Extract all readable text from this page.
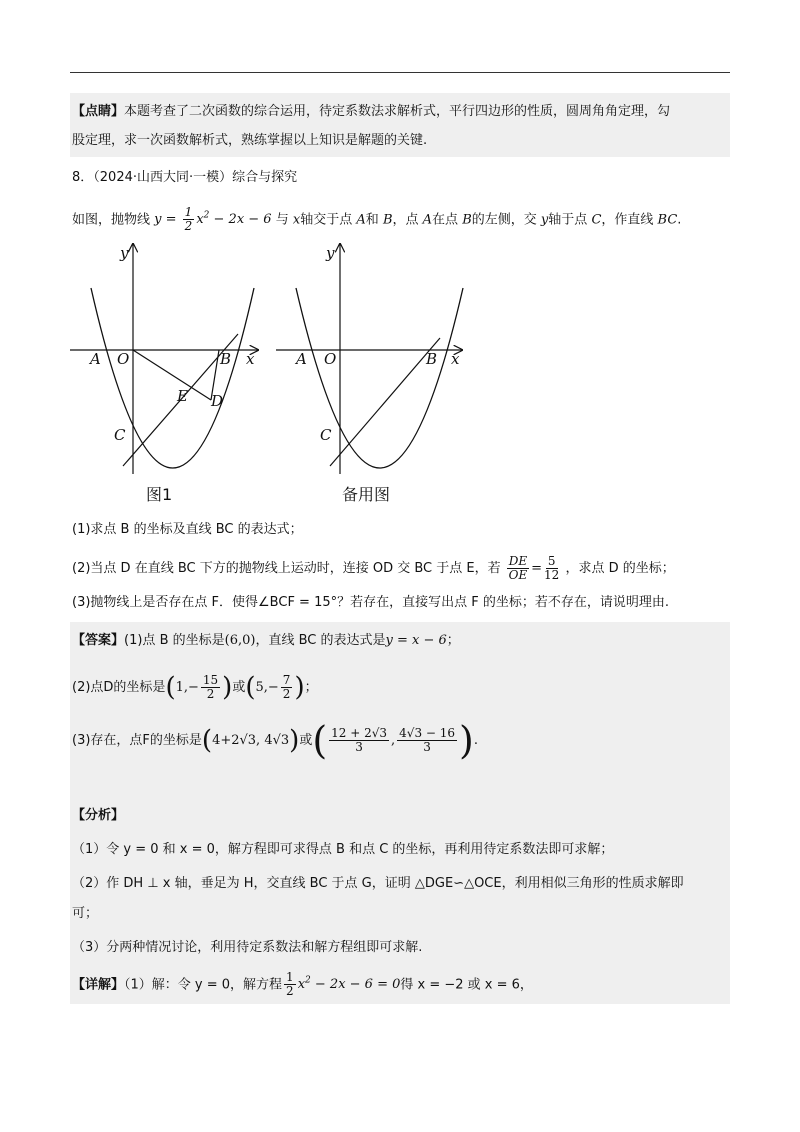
【点睛】本题考查了二次函数的综合运用，待定系数法求解析式，平行四边形的性质，圆周角角定理，勾
股定理，求一次函数解析式，熟练掌握以上知识是解题的关键.
8．（2024·山西大同·一模）综合与探究
如图，抛物线 $y = \frac{1}{2} x^2 - 2x - 6$ 与 x轴交于点 A和 B，点 A在点 B的左侧，交 y轴于点 C，作直线 BC.
y
x
A O	B
E D
C
图1
y
x
A O	B
C
备用图
(1)求点 B 的坐标及直线 BC 的表达式；
(2)当点 D 在直线 BC 下方的抛物线上运动时，连接 OD 交 BC 于点 E，若 $\frac{DE}{OE} = \frac{5}{12}$ ，求点 D 的坐标；
(3)抛物线上是否存在点 F．使得∠BCF = 15°？若存在，直接写出点 F 的坐标；若不存在，请说明理由.
【答案】(1)点 B 的坐标是(6,0)，直线 BC 的表达式是y = x − 6；
(2)点D的坐标是($1,- \frac{15}{2}$ )或($5,- \frac{7}{2}$ )；
(3)存在，点F的坐标是(4+2√3, 4√3)或( $\frac{12 + 2√3}{3}$ , $\frac{4√3 - 16}{3}$ ).
【分析】
（1）令 y = 0 和 x = 0，解方程即可求得点 B 和点 C 的坐标，再利用待定系数法即可求解；
（2）作 DH ⊥ x 轴，垂足为 H，交直线 BC 于点 G，证明 △DGE∽△OCE，利用相似三角形的性质求解即
可；
（3）分两种情况讨论，利用待定系数法和解方程组即可求解.
【详解】（1）解：令 y = 0，解方程 $\frac{1}{2} x^2 - 2x - 6 = 0$得 x = −2 或 x = 6，
